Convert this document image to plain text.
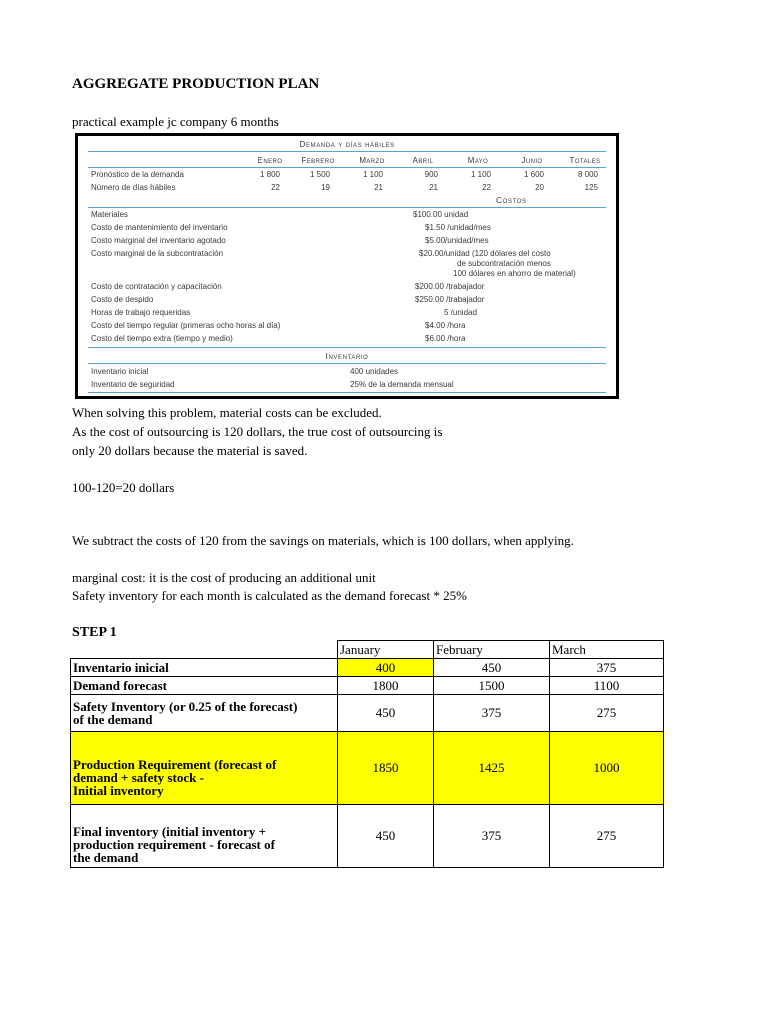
AGGREGATE PRODUCTION PLAN
practical example jc company 6 months
Demanda y días hábiles
Enero	Febrero	Marzo	Abril	Mayo	Junio	Totales
Pronóstico de la demanda	1 800	1 500	1 100	900	1 100	1 600	8 000
Número de días hábiles	22	19	21	21	22	20	125
Costos
Materiales	$100.00 unidad
Costo de mantenimiento del inventario	$1.50 /unidad/mes
Costo marginal del inventario agotado	$5.00/unidad/mes
Costo marginal de la subcontratación	$20.00/unidad (120 dólares del costo
de subcontratación menos
100 dólares en ahorro de material)
Costo de contratación y capacitación	$200.00 /trabajador
Costo de despido	$250.00 /trabajador
Horas de trabajo requeridas	5 /unidad
Costo del tiempo regular (primeras ocho horas al día)	$4.00 /hora
Costo del tiempo extra (tiempo y medio)	$6.00 /hora
Inventario
Inventario inicial	400 unidades
Inventario de seguridad	25% de la demanda mensual
When solving this problem, material costs can be excluded.
As the cost of outsourcing is 120 dollars, the true cost of outsourcing is
only 20 dollars because the material is saved.
100-120=20 dollars
We subtract the costs of 120 from the savings on materials, which is 100 dollars, when applying.
marginal cost: it is the cost of producing an additional unit
Safety inventory for each month is calculated as the demand forecast * 25%
STEP 1
	January	February	March
Inventario inicial	400	450	375
Demand forecast	1800	1500	1100

Safety Inventory (or 0.25 of the forecast)
of the demand	450	375	275

Production Requirement (forecast of
demand + safety stock -
Initial inventory	1850	1425	1000

Final inventory (initial inventory +
production requirement - forecast of
the demand	450	375	275
